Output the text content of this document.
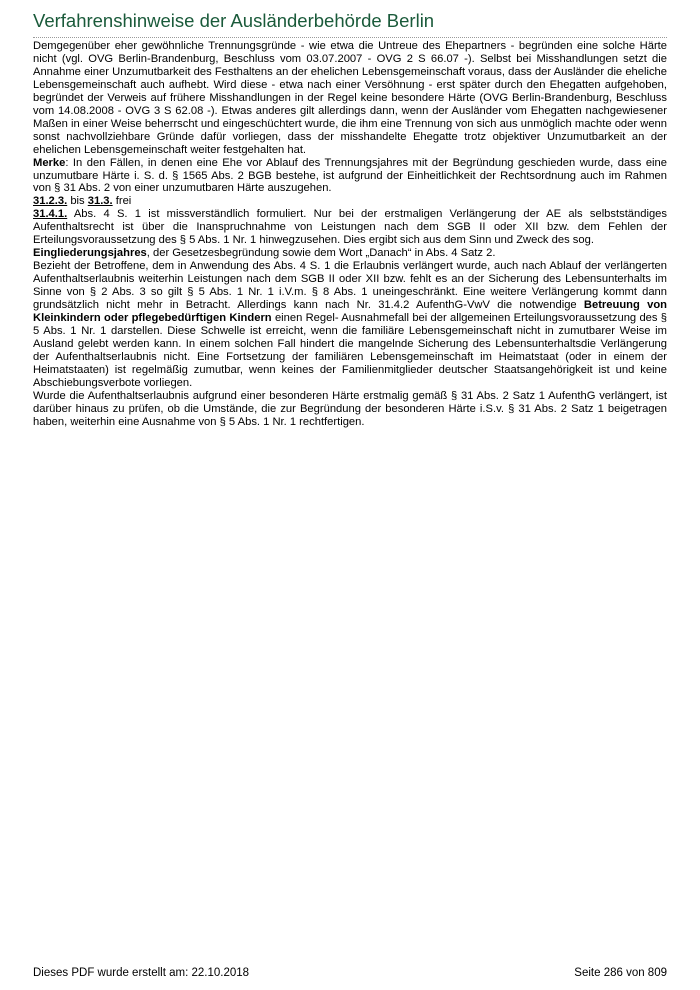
Verfahrenshinweise der Ausländerbehörde Berlin

Demgegenüber eher gewöhnliche Trennungsgründe - wie etwa die Untreue des Ehepartners - begründen eine solche Härte nicht (vgl. OVG Berlin-Brandenburg, Beschluss vom 03.07.2007 - OVG 2 S 66.07 -). Selbst bei Misshandlungen setzt die Annahme einer Unzumutbarkeit des Festhaltens an der ehelichen Lebensgemeinschaft voraus, dass der Ausländer die eheliche Lebensgemeinschaft auch aufhebt. Wird diese - etwa nach einer Versöhnung - erst später durch den Ehegatten aufgehoben, begründet der Verweis auf frühere Misshandlungen in der Regel keine besondere Härte (OVG Berlin-Brandenburg, Beschluss vom 14.08.2008 - OVG 3 S 62.08 -). Etwas anderes gilt allerdings dann, wenn der Ausländer vom Ehegatten nachgewiesener Maßen in einer Weise beherrscht und eingeschüchtert wurde, die ihm eine Trennung von sich aus unmöglich machte oder wenn sonst nachvollziehbare Gründe dafür vorliegen, dass der misshandelte Ehegatte trotz objektiver Unzumutbarkeit an der ehelichen Lebensgemeinschaft weiter festgehalten hat.

Merke: In den Fällen, in denen eine Ehe vor Ablauf des Trennungsjahres mit der Begründung geschieden wurde, dass eine unzumutbare Härte i. S. d. § 1565 Abs. 2 BGB bestehe, ist aufgrund der Einheitlichkeit der Rechtsordnung auch im Rahmen von § 31 Abs. 2 von einer unzumutbaren Härte auszugehen.

31.2.3. bis 31.3. frei

31.4.1. Abs. 4 S. 1 ist missverständlich formuliert. Nur bei der erstmaligen Verlängerung der AE als selbstständiges Aufenthaltsrecht ist über die Inanspruchnahme von Leistungen nach dem SGB II oder XII bzw. dem Fehlen der Erteilungsvoraussetzung des § 5 Abs. 1 Nr. 1 hinwegzusehen. Dies ergibt sich aus dem Sinn und Zweck des sog.
Eingliederungsjahres, der Gesetzesbegründung sowie dem Wort „Danach“ in Abs. 4 Satz 2.

Bezieht der Betroffene, dem in Anwendung des Abs. 4 S. 1 die Erlaubnis verlängert wurde, auch nach Ablauf der verlängerten Aufenthaltserlaubnis weiterhin Leistungen nach dem SGB II oder XII bzw. fehlt es an der Sicherung des Lebensunterhalts im Sinne von § 2 Abs. 3 so gilt § 5 Abs. 1 Nr. 1 i.V.m. § 8 Abs. 1 uneingeschränkt. Eine weitere Verlängerung kommt dann grundsätzlich nicht mehr in Betracht. Allerdings kann nach Nr. 31.4.2 AufenthG-VwV die notwendige Betreuung von Kleinkindern oder pflegebedürftigen Kindern einen Regel- Ausnahmefall bei der allgemeinen Erteilungsvoraussetzung des § 5 Abs. 1 Nr. 1 darstellen. Diese Schwelle ist erreicht, wenn die familiäre Lebensgemeinschaft nicht in zumutbarer Weise im Ausland gelebt werden kann. In einem solchen Fall hindert die mangelnde Sicherung des Lebensunterhaltsdie Verlängerung der Aufenthaltserlaubnis nicht. Eine Fortsetzung der familiären Lebensgemeinschaft im Heimatstaat (oder in einem der Heimatstaaten) ist regelmäßig zumutbar, wenn keines der Familienmitglieder deutscher Staatsangehörigkeit ist und keine Abschiebungsverbote vorliegen.

Wurde die Aufenthaltserlaubnis aufgrund einer besonderen Härte erstmalig gemäß § 31 Abs. 2 Satz 1 AufenthG verlängert, ist darüber hinaus zu prüfen, ob die Umstände, die zur Begründung der besonderen Härte i.S.v. § 31 Abs. 2 Satz 1 beigetragen haben, weiterhin eine Ausnahme von § 5 Abs. 1 Nr. 1 rechtfertigen.

Dieses PDF wurde erstellt am: 22.10.2018	Seite 286 von 809
